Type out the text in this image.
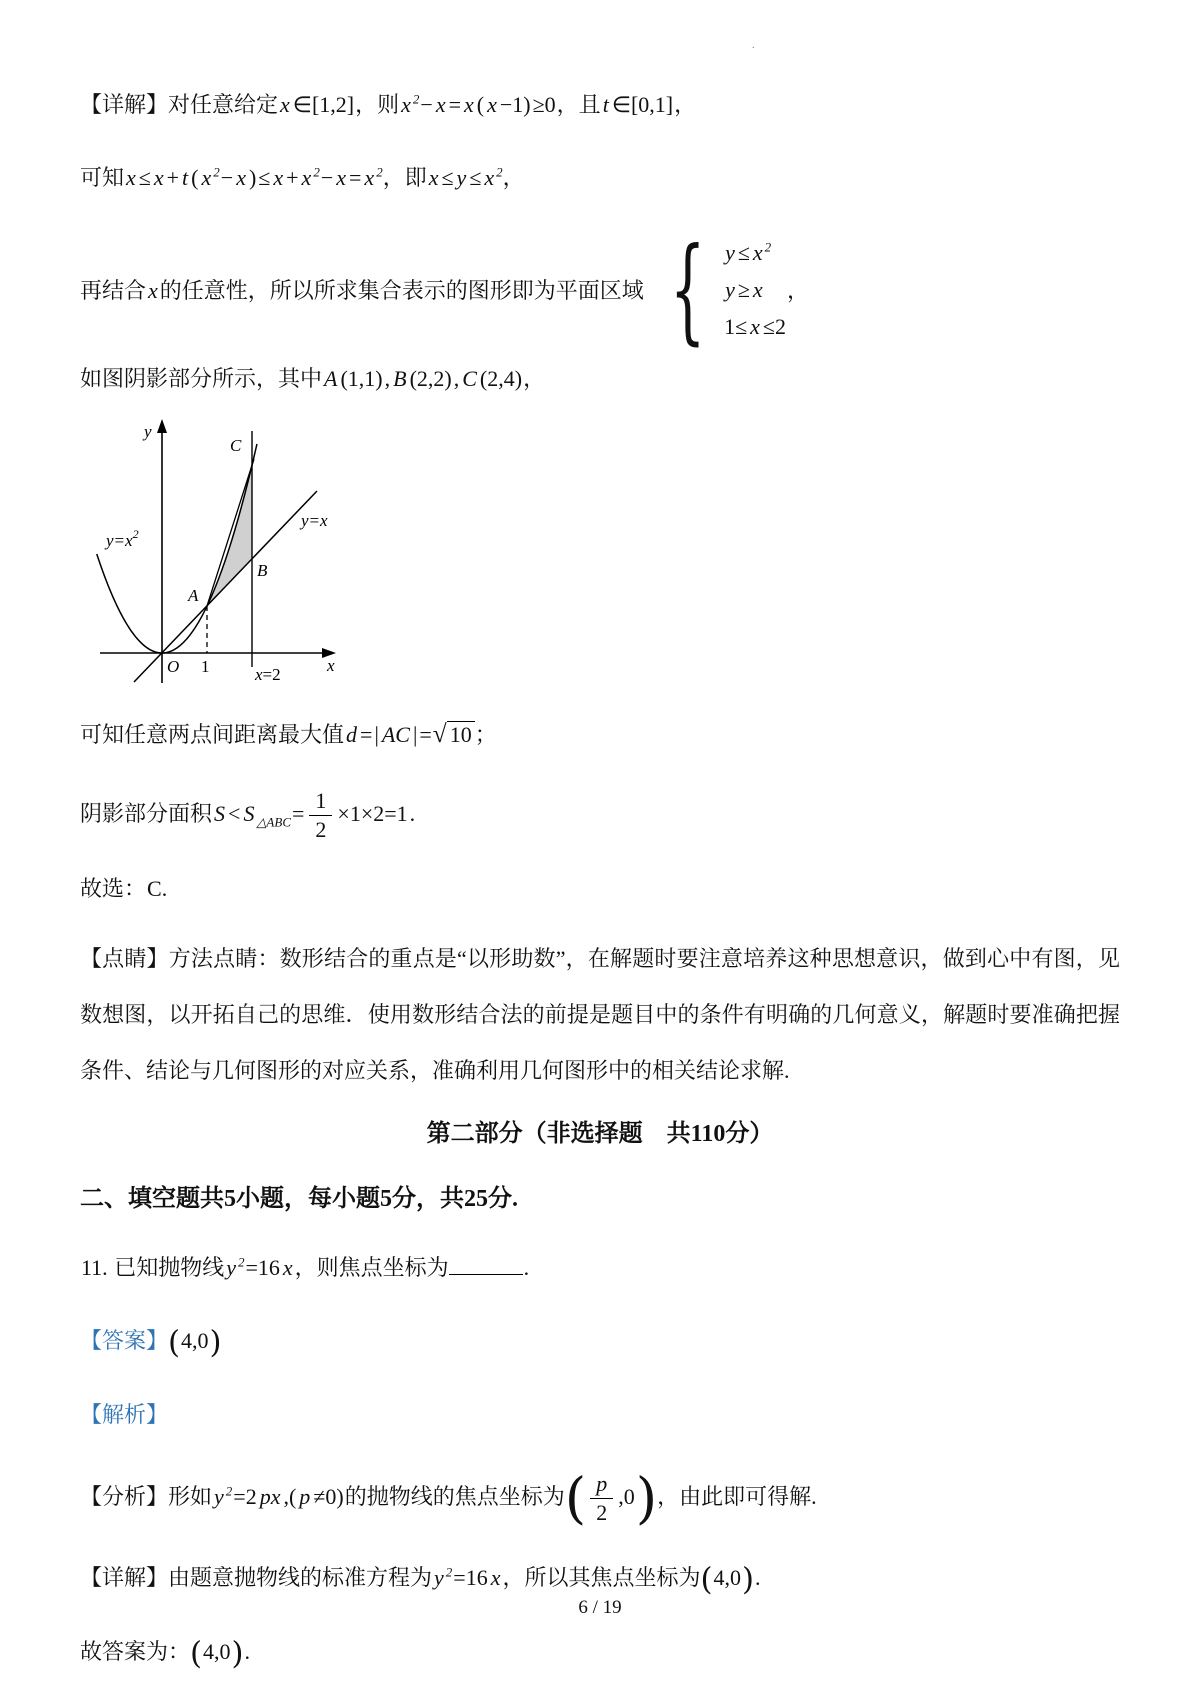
.
【详解】对任意给定x ∈[1,2]，则x $^2$− x = x ( x −1)≥0，且t ∈[0,1]，
可知x ≤ x + t ( x $^2$− x )≤ x + x $^2$− x = x $^2$，即x ≤ y ≤ x $^2$，
再结合 x 的任意性，所以所求集合表示的图形即为平面区域 { y ≤ x $^2$
y ≥ x
1≤ x ≤2
，
如图阴影部分所示，其中A (1,1), B (2,2), C (2,4)，
y
x
O 1	x=2
y=x
$y=x^2$
A
B
C
可知任意两点间距离最大值d =| AC |=√ 10 ；
阴影部分面积S < S $_{\triangle ABC}= \frac{1}{2} \times 1\times 2=1$.
故选：C.

【点睛】方法点睛：数形结合的重点是“以形助数”，在解题时要注意培养这种思想意识，做到心中有图，见数想图，以开拓自己的思维．使用数形结合法的前提是题目中的条件有明确的几何意义，解题时要准确把握条件、结论与几何图形的对应关系，准确利用几何图形中的相关结论求解.

第二部分（非选择题　共110分）
二、填空题共5小题，每小题5分，共25分.
11. 已知抛物线y $^2$=16 x，则焦点坐标为	.
【答案】(4,0)
【解析】
【分析】形如y $^2$=2 px ,( p ≠0)的抛物线的焦点坐标为( $\frac{p}{2} ,0$)，由此即可得解.
【详解】由题意抛物线的标准方程为y $^2$=16 x，所以其焦点坐标为(4,0).
故答案为：(4,0).
6 / 19
